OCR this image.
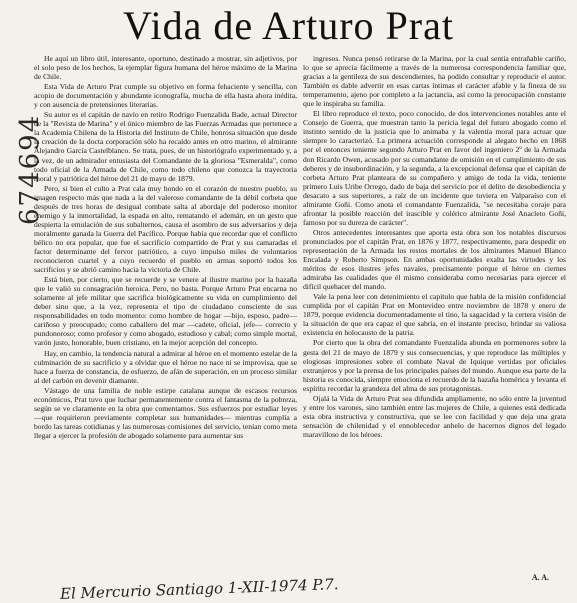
Vida de Arturo Prat
674694

He aquí un libro útil, interesante, oportuno, destinado a mostrar, sin adjetivos, por el solo peso de los hechos, la ejemplar figura humana del héroe máximo de la Marina de Chile.

Esta Vida de Arturo Prat cumple su objetivo en forma fehaciente y sencilla, con acopio de documentación y abundante iconografía, mucha de ella hasta ahora inédita, y con ausencia de pretensiones literarias.

Su autor es el capitán de navío en retiro Rodrigo Fuenzalida Bade, actual Director de la "Revista de Marina" y el único miembro de las Fuerzas Armadas que pertenece a la Academia Chilena de la Historia del Instituto de Chile, honrosa situación que desde la creación de la docta corporación sólo ha recaído antes en otro marino, el almirante Alejandro García Castelblanco. Se trata, pues, de un historiógrafo experimentado y, a la vez, de un admirador entusiasta del Comandante de la gloriosa "Esmeralda", como todo oficial de la Armada de Chile, como todo chileno que conozca la trayectoria moral y patriótica del héroe del 21 de mayo de 1879.

Pero, si bien el culto a Prat cala muy hondo en el corazón de nuestro pueblo, su imagen respecto más que nada a la del valeroso comandante de la débil corbeta que después de tres horas de desigual combate salta al abordaje del poderoso monitor enemigo y la inmortalidad, la espada en alto, rematando el ademán, en un gesto que despierta la emulación de sus subalternos, causa el asombro de sus adversarios y deja moralmente ganada la Guerra del Pacífico. Porque había que recordar que el conflicto bélico no era popular, que fue el sacrificio compartido de Prat y sus camaradas el factor determinante del fervor patriótico, a cuyo impulso miles de voluntarios reconocieron cuartel y a cuyo recuerdo el pueblo en armas soportó todos los sacrificios y se abrió camino hacia la victoria de Chile.

Está bien, por cierto, que se recuerde y se venere al ilustre marino por la hazaña que le valió su consagración heroica. Pero, no basta. Porque Arturo Prat encarna no solamente al jefe militar que sacrifica biológicamente su vida en cumplimiento del deber sino que, a la vez, representa el tipo de ciudadano consciente de sus responsabilidades en todo momento: como hombre de hogar —hijo, esposo, padre— cariñoso y preocupado; como caballero del mar —cadete, oficial, jefe— correcto y pundonoroso; como profesor y como abogado, estudioso y cabal; como simple mortal, varón justo, honorable, buen cristiano, en la mejor acepción del concepto.

Hay, en cambio, la tendencia natural a admirar al héroe en el momento estelar de la culminación de su sacrificio y a olvidar que el héroe no nace ni se improvisa, que se hace a fuerza de constancia, de esfuerzo, de afán de superación, en un proceso similar al del carbón en devenir diamante.

Vástago de una familia de noble estirpe catalana aunque de escasos recursos económicos, Prat tuvo que luchar permanentemente contra el fantasma de la pobreza, según se ve claramente en la obra que comentamos. Sus esfuerzos por estudiar leyes —que requirieron previamente completar sus humanidades— mientras cumplía a bordo las tareas cotidianas y las numerosas comisiones del servicio, tenían como meta llegar a ejercer la profesión de abogado solamente para aumentar sus

ingresos. Nunca pensó retirarse de la Marina, por la cual sentía entrañable cariño, lo que se aprecia fácilmente a través de la numerosa correspondencia familiar que, gracias a la gentileza de sus descendientes, ha podido consultar y reproducir el autor. También es dable advertir en esas cartas íntimas el carácter afable y la fineza de su temperamento, ajeno por completo a la jactancia, así como la preocupación constante que le inspiraba su familia.

El libro reproduce el texto, poco conocido, de dos intervenciones notables ante el Consejo de Guerra, que muestran tanto la pericia legal del futuro abogado como el instinto sentido de la justicia que lo animaba y la valentía moral para actuar que siempre lo caracterizó. La primera actuación corresponde al alegato hecho en 1868 por el entonces teniente segundo Arturo Prat en favor del ingeniero 2º de la Armada don Ricardo Owen, acusado por su comandante de omisión en el cumplimiento de sus deberes y de insubordinación, y la segunda, a la excepcional defensa que el capitán de corbeta Arturo Prat planteara de su compañero y amigo de toda la vida, teniente primero Luis Uribe Orrego, dado de baja del servicio por el delito de desobediencia y desacato a sus superiores, a raíz de un incidente que tuviera en Valparaíso con el almirante Goñi. Como anota el comandante Fuenzalida, "se necesitaba coraje para afrontar la posible reacción del irascible y colérico almirante José Anacleto Goñi, famoso por su dureza de carácter".

Otros antecedentes interesantes que aporta esta obra son los notables discursos pronunciados por el capitán Prat, en 1876 y 1877, respectivamente, para despedir en representación de la Armada los restos mortales de los almirantes Manuel Blanco Encalada y Roberto Simpson. En ambas oportunidades exalta las virtudes y los méritos de esos ilustres jefes navales, precisamente porque el héroe en ciernes admiraba las cualidades que él mismo consideraba como necesarias para ejercer el difícil quehacer del mando.

Vale la pena leer con detenimiento el capítulo que habla de la misión confidencial cumplida por el capitán Prat en Montevideo entre noviembre de 1878 y enero de 1879, porque evidencia documentadamente el tino, la sagacidad y la certera visión de la situación de que era capaz el que sabría, en el instante preciso, brindar su valiosa existencia en holocausto de la patria.

Por cierto que la obra del comandante Fuenzalida abunda en pormenores sobre la gesta del 21 de mayo de 1879 y sus consecuencias, y que reproduce las múltiples y elogiosas impresiones sobre el combate Naval de Iquique vertidas por oficiales extranjeros y por la prensa de los principales países del mundo. Aunque esa parte de la historia es conocida, siempre emociona el recuerdo de la hazaña homérica y levanta el espíritu recordar la grandeza del alma de sus protagonistas.

Ojalá la Vida de Arturo Prat sea difundida ampliamente, no sólo entre la juventud y entre los varones, sino también entre las mujeres de Chile, a quienes está dedicada esta obra instructiva y constructiva, que se lee con facilidad y que deja una grata sensación de chilenidad y el ennoblecedor anhelo de hacernos dignos del legado maravilloso de los héroes.

A. A.
El Mercurio Santiago 1-XII-1974 P.7.
